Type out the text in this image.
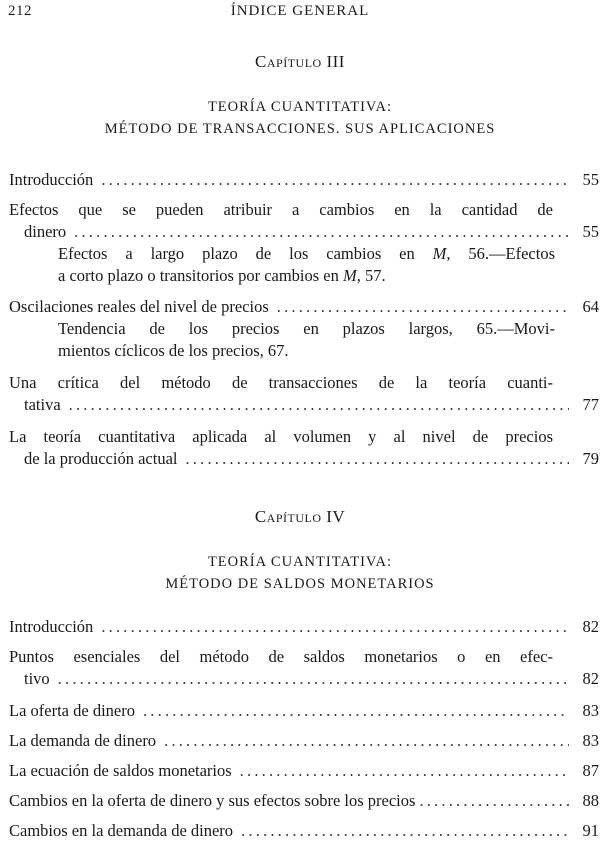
212	ÍNDICE GENERAL
Capítulo III
TEORÍA CUANTITATIVA:
MÉTODO DE TRANSACCIONES. SUS APLICACIONES
Introducción .....	55
Efectos que se pueden atribuir a cambios en la cantidad de
dinero .....	55
Efectos a largo plazo de los cambios en M, 56.—Efectos
a corto plazo o transitorios por cambios en M, 57.
Oscilaciones reales del nivel de precios .....	64
Tendencia de los precios en plazos largos, 65.—Movi-
mientos cíclicos de los precios, 67.
Una crítica del método de transacciones de la teoría cuanti-
tativa .....	77
La teoría cuantitativa aplicada al volumen y al nivel de precios
de la producción actual .....	79
Capítulo IV
TEORÍA CUANTITATIVA:
MÉTODO DE SALDOS MONETARIOS
Introducción .....	82
Puntos esenciales del método de saldos monetarios o en efec-
tivo .....	82
La oferta de dinero .....	83
La demanda de dinero .....	83
La ecuación de saldos monetarios .....	87
Cambios en la oferta de dinero y sus efectos sobre los precios .....	88
Cambios en la demanda de dinero .....	91
